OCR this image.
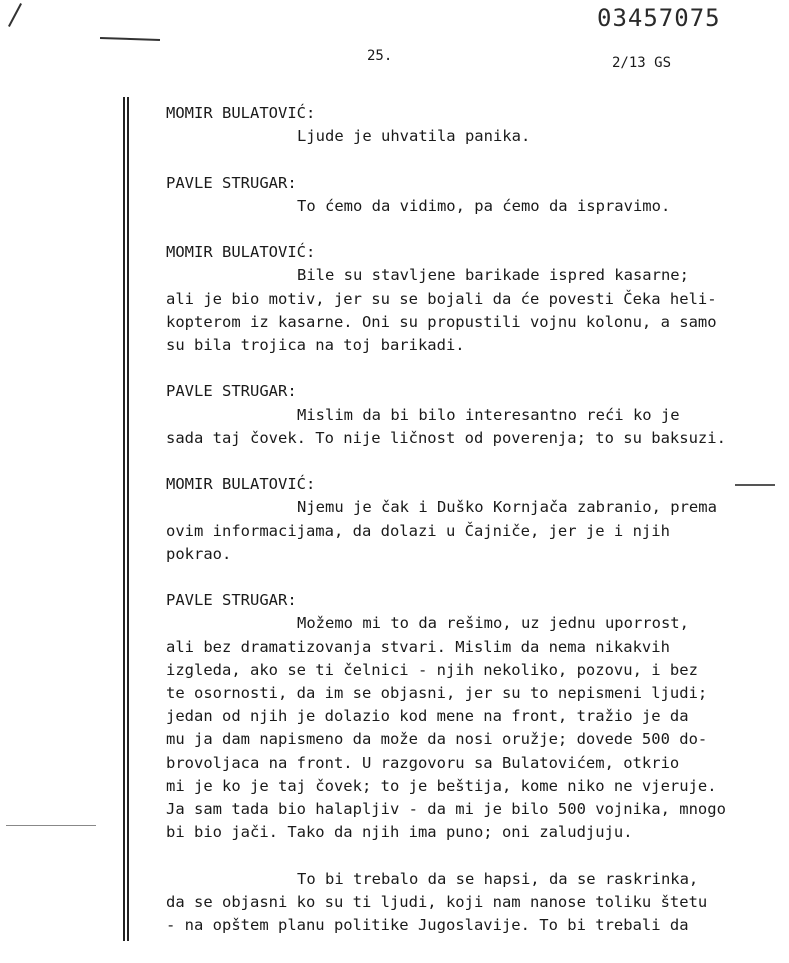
03457075
25.	2/13 GS
MOMIR BULATOVIĆ:
Ljude je uhvatila panika.
PAVLE STRUGAR:
To ćemo da vidimo, pa ćemo da ispravimo.
MOMIR BULATOVIĆ:
Bile su stavljene barikade ispred kasarne;
ali je bio motiv, jer su se bojali da će povesti Čeka heli-
kopterom iz kasarne. Oni su propustili vojnu kolonu, a samo
su bila trojica na toj barikadi.
PAVLE STRUGAR:
Mislim da bi bilo interesantno reći ko je
sada taj čovek. To nije ličnost od poverenja; to su baksuzi.
MOMIR BULATOVIĆ:
Njemu je čak i Duško Kornjača zabranio, prema
ovim informacijama, da dolazi u Čajniče, jer je i njih
pokrao.
PAVLE STRUGAR:
Možemo mi to da rešimo, uz jednu uporrost,
ali bez dramatizovanja stvari. Mislim da nema nikakvih
izgleda, ako se ti čelnici - njih nekoliko, pozovu, i bez
te osornosti, da im se objasni, jer su to nepismeni ljudi;
jedan od njih je dolazio kod mene na front, tražio je da
mu ja dam napismeno da može da nosi oružje; dovede 500 do-
brovoljaca na front. U razgovoru sa Bulatovićem, otkrio
mi je ko je taj čovek; to je beštija, kome niko ne vjeruje.
Ja sam tada bio halapljiv - da mi je bilo 500 vojnika, mnogo
bi bio jači. Tako da njih ima puno; oni zaludjuju.
To bi trebalo da se hapsi, da se raskrinka,
da se objasni ko su ti ljudi, koji nam nanose toliku štetu
- na opštem planu politike Jugoslavije. To bi trebali da
